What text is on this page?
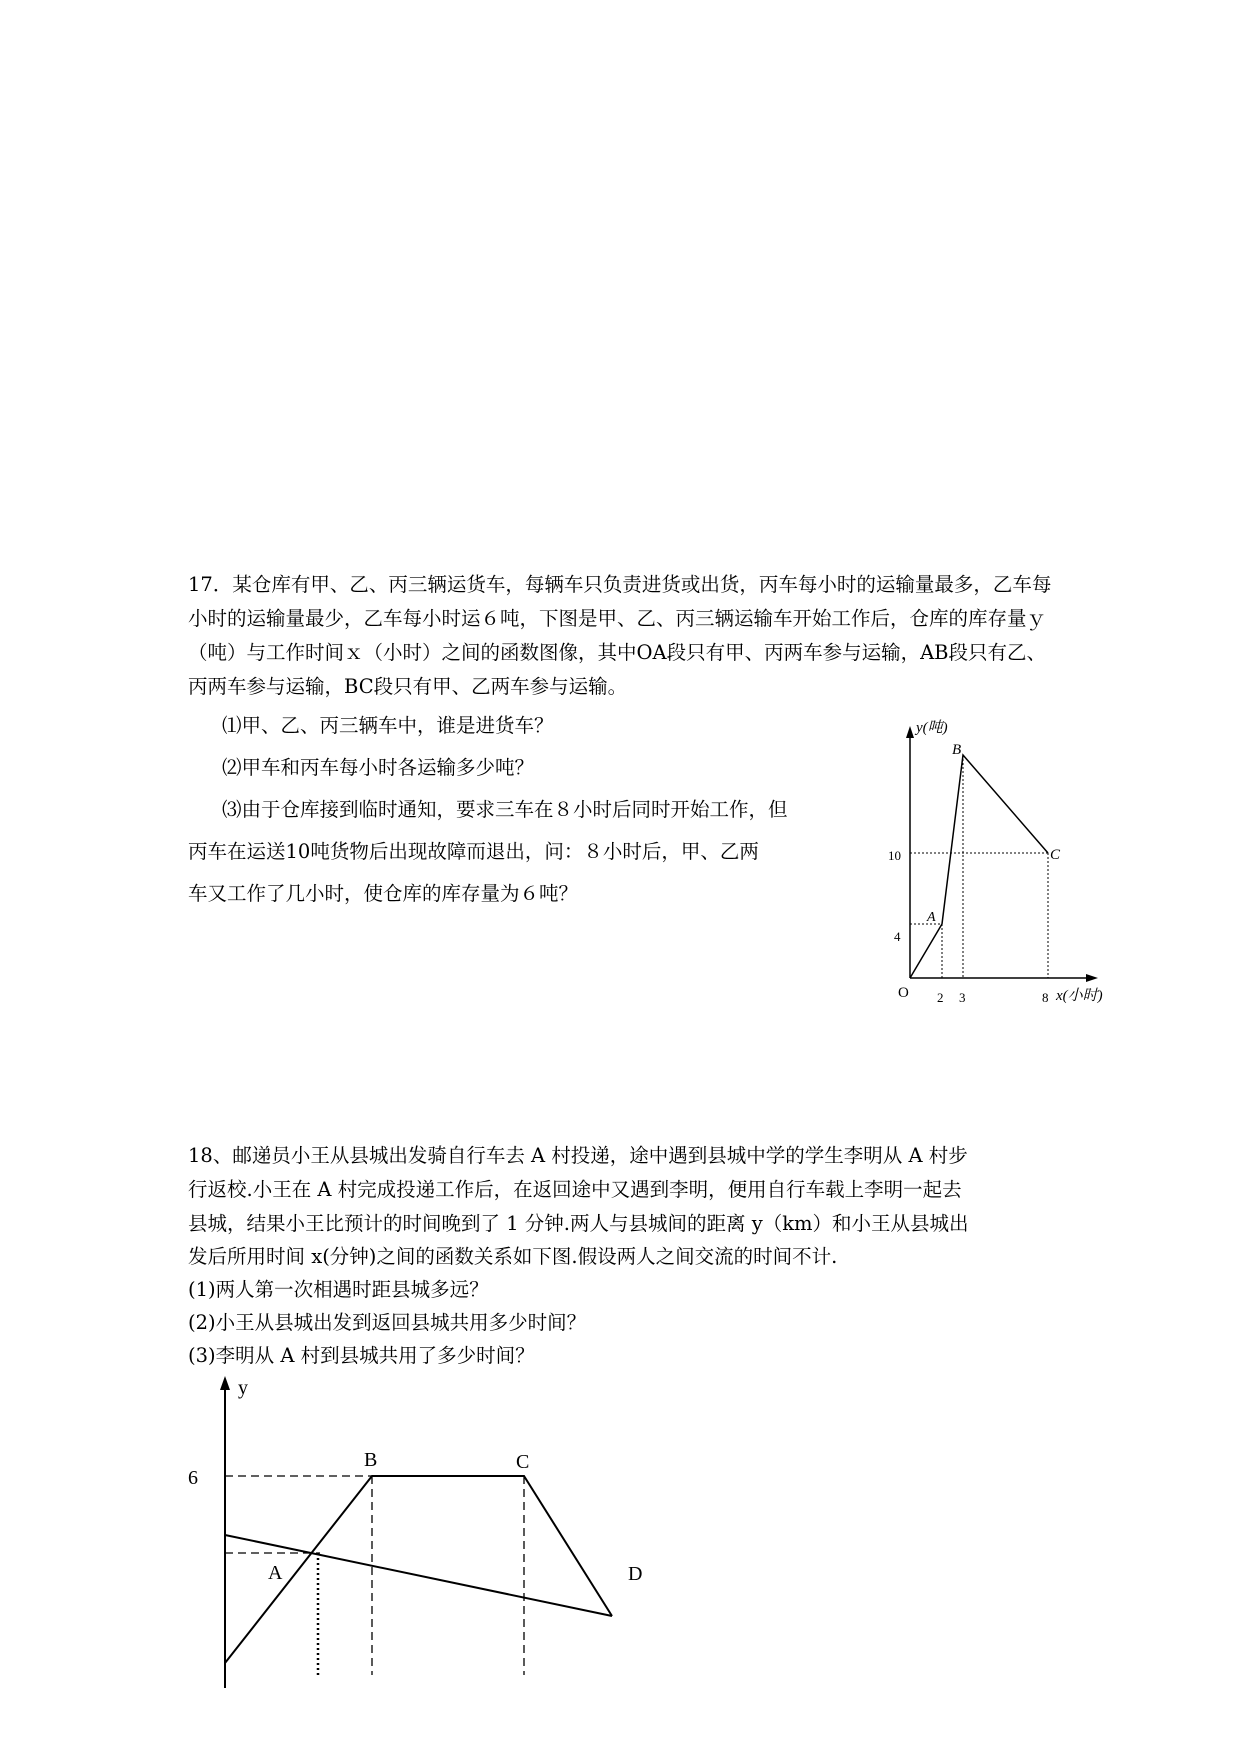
17．某仓库有甲、乙、丙三辆运货车，每辆车只负责进货或出货，丙车每小时的运输量最多，乙车每小时的运输量最少，乙车每小时运６吨，下图是甲、乙、丙三辆运输车开始工作后，仓库的库存量ｙ（吨）与工作时间ｘ（小时）之间的函数图像，其中OA段只有甲、丙两车参与运输，AB段只有乙、丙两车参与运输，BC段只有甲、乙两车参与运输。
⑴甲、乙、丙三辆车中，谁是进货车？
⑵甲车和丙车每小时各运输多少吨？
⑶由于仓库接到临时通知，要求三车在８小时后同时开始工作，但
丙车在运送10吨货物后出现故障而退出，问：８小时后，甲、乙两
车又工作了几小时，使仓库的库存量为６吨？
y(吨)
x(小时)
O 2 3	8
4
10
A
B
C
18、邮递员小王从县城出发骑自行车去 A 村投递，途中遇到县城中学的学生李明从 A 村步
行返校.小王在 A 村完成投递工作后，在返回途中又遇到李明，便用自行车载上李明一起去
县城，结果小王比预计的时间晚到了 1 分钟.两人与县城间的距离 y（km）和小王从县城出
发后所用时间 x(分钟)之间的函数关系如下图.假设两人之间交流的时间不计.
(1)两人第一次相遇时距县城多远？
(2)小王从县城出发到返回县城共用多少时间？
(3)李明从 A 村到县城共用了多少时间？
y
6
A
B	C
D
